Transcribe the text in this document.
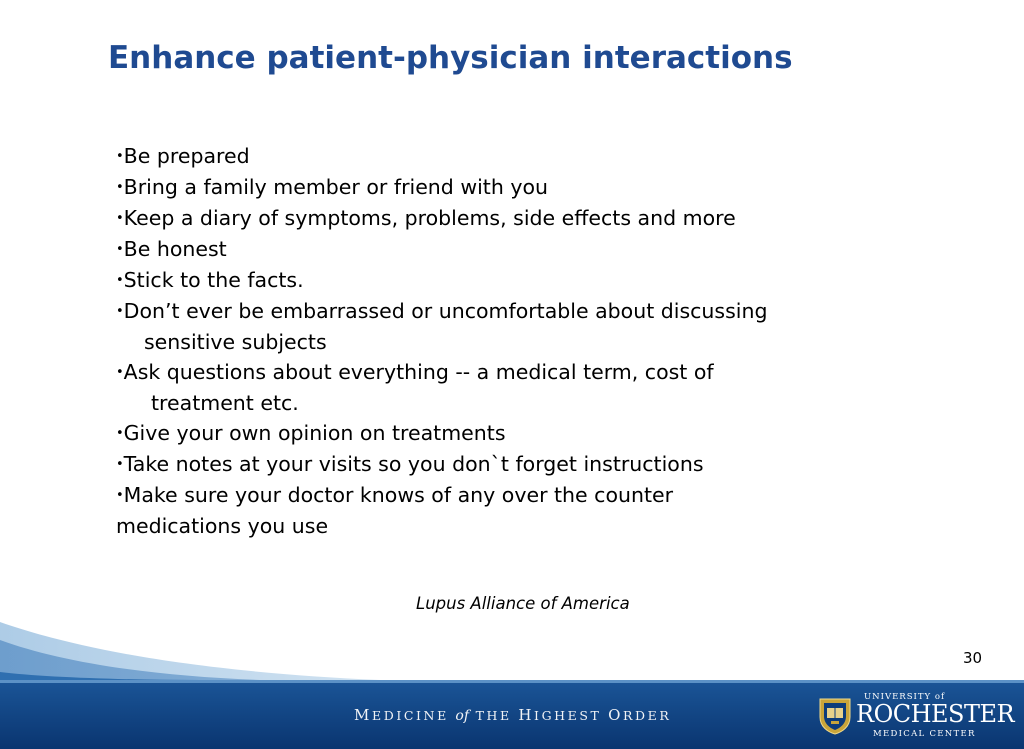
Enhance patient-physician interactions
•Be prepared
•Bring a family member or friend with you
•Keep a diary of symptoms, problems, side effects and more
•Be honest
•Stick to the facts.
•Don’t ever be embarrassed or uncomfortable about discussing
sensitive subjects
•Ask questions about everything -- a medical term, cost of
treatment etc.
•Give your own opinion on treatments
•Take notes at your visits so you don`t forget instructions
•Make sure your doctor knows of any over the counter
medications you use
Lupus Alliance of America
30
MEDICINE of THE HIGHEST ORDER
UNIVERSITY of
ROCHESTER
MEDICAL CENTER
